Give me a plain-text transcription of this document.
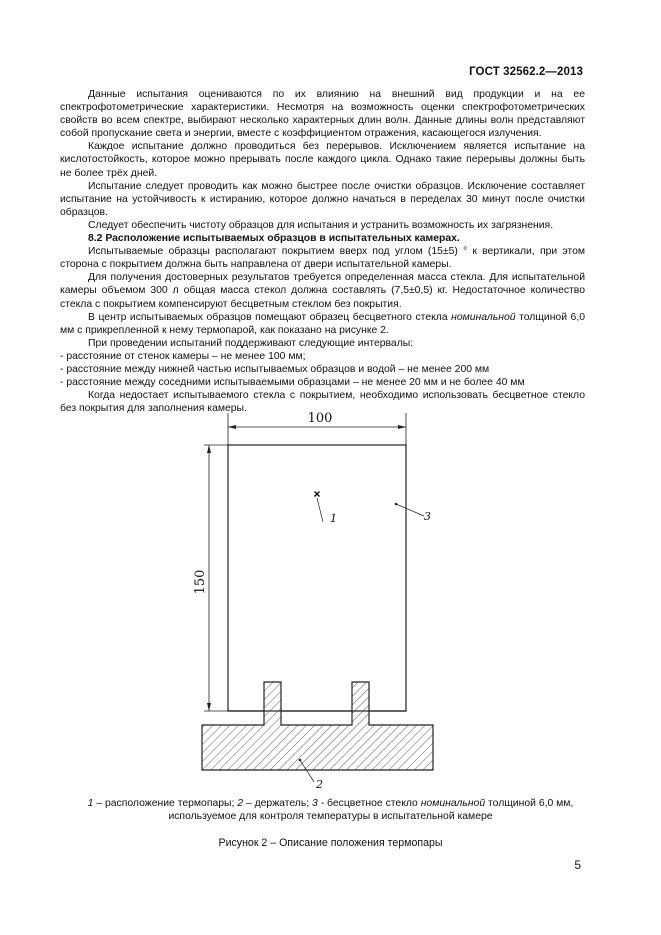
ГОСТ 32562.2—2013

Данные испытания оцениваются по их влиянию на внешний вид продукции и на ее спектрофотометрические характеристики. Несмотря на возможность оценки спектрофотометрических свойств во всем спектре, выбирают несколько характерных длин волн. Данные длины волн представляют собой пропускание света и энергии, вместе с коэффициентом отражения, касающегося излучения.

Каждое испытание должно проводиться без перерывов. Исключением является испытание на кислотостойкость, которое можно прерывать после каждого цикла. Однако такие перерывы должны быть не более трёх дней.

Испытание следует проводить как можно быстрее после очистки образцов. Исключение составляет испытание на устойчивость к истиранию, которое должно начаться в переделах 30 минут после очистки образцов.

Следует обеспечить чистоту образцов для испытания и устранить возможность их загрязнения.

8.2 Расположение испытываемых образцов в испытательных камерах.

Испытываемые образцы располагают покрытием вверх под углом (15±5) ° к вертикали, при этом сторона с покрытием должна быть направлена от двери испытательной камеры.

Для получения достоверных результатов требуется определенная масса стекла. Для испытательной камеры объемом 300 л общая масса стекол должна составлять (7,5±0,5) кг. Недостаточное количество стекла с покрытием компенсируют бесцветным стеклом без покрытия.

В центр испытываемых образцов помещают образец бесцветного стекла номинальной толщиной 6,0 мм с прикрепленной к нему термопарой, как показано на рисунке 2.

При проведении испытаний поддерживают следующие интервалы:

- расстояние от стенок камеры – не менее 100 мм;

- расстояние между нижней частью испытываемых образцов и водой – не менее 200 мм

- расстояние между соседними испытываемыми образцами – не менее 20 мм и не более 40 мм

Когда недостает испытываемого стекла с покрытием, необходимо использовать бесцветное стекло без покрытия для заполнения камеры.

100
150
1	3
2
1 – расположение термопары; 2 – держатель; 3 - бесцветное стекло номинальной толщиной 6,0 мм,
используемое для контроля температуры в испытательной камере
Рисунок 2 – Описание положения термопары
5
